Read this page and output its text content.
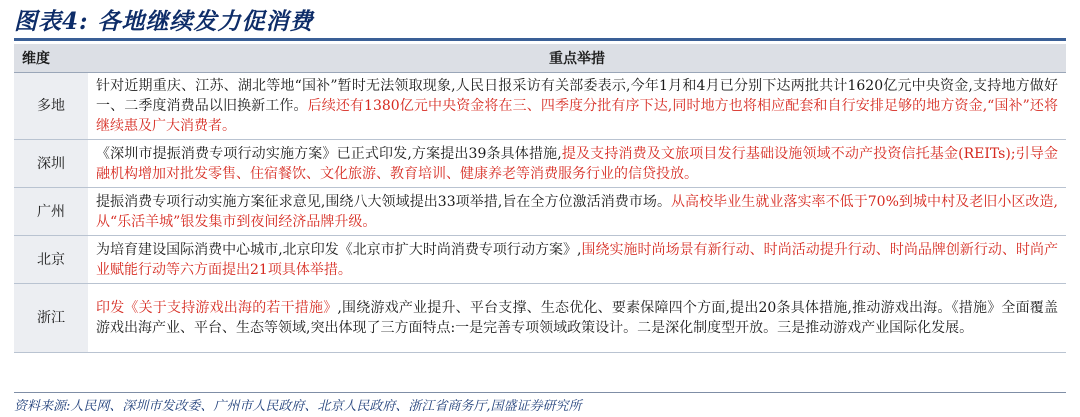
图表4: 各地继续发力促消费
维度	重点举措
多地	针对近期重庆、江苏、湖北等地“国补”暂时无法领取现象,人民日报采访有关部委表示,今年1月和4月已分别下达两批共计1620亿元中央资金,支持地方做好一、二季度消费品以旧换新工作。后续还有1380亿元中央资金将在三、四季度分批有序下达,同时地方也将相应配套和自行安排足够的地方资金,“国补”还将继续惠及广大消费者。
深圳	《深圳市提振消费专项行动实施方案》已正式印发,方案提出39条具体措施,提及支持消费及文旅项目发行基础设施领域不动产投资信托基金(REITs);引导金融机构增加对批发零售、住宿餐饮、文化旅游、教育培训、健康养老等消费服务行业的信贷投放。
广州	提振消费专项行动实施方案征求意见,围绕八大领域提出33项举措,旨在全方位激活消费市场。从高校毕业生就业落实率不低于70%到城中村及老旧小区改造,从“乐活羊城”银发集市到夜间经济品牌升级。
北京	为培育建设国际消费中心城市,北京印发《北京市扩大时尚消费专项行动方案》,围绕实施时尚场景有新行动、时尚活动提升行动、时尚品牌创新行动、时尚产业赋能行动等六方面提出21项具体举措。
浙江	印发《关于支持游戏出海的若干措施》,围绕游戏产业提升、平台支撑、生态优化、要素保障四个方面,提出20条具体措施,推动游戏出海。《措施》全面覆盖游戏出海产业、平台、生态等领域,突出体现了三方面特点:一是完善专项领域政策设计。二是深化制度型开放。三是推动游戏产业国际化发展。
资料来源:人民网、深圳市发改委、广州市人民政府、北京人民政府、浙江省商务厅,国盛证券研究所
